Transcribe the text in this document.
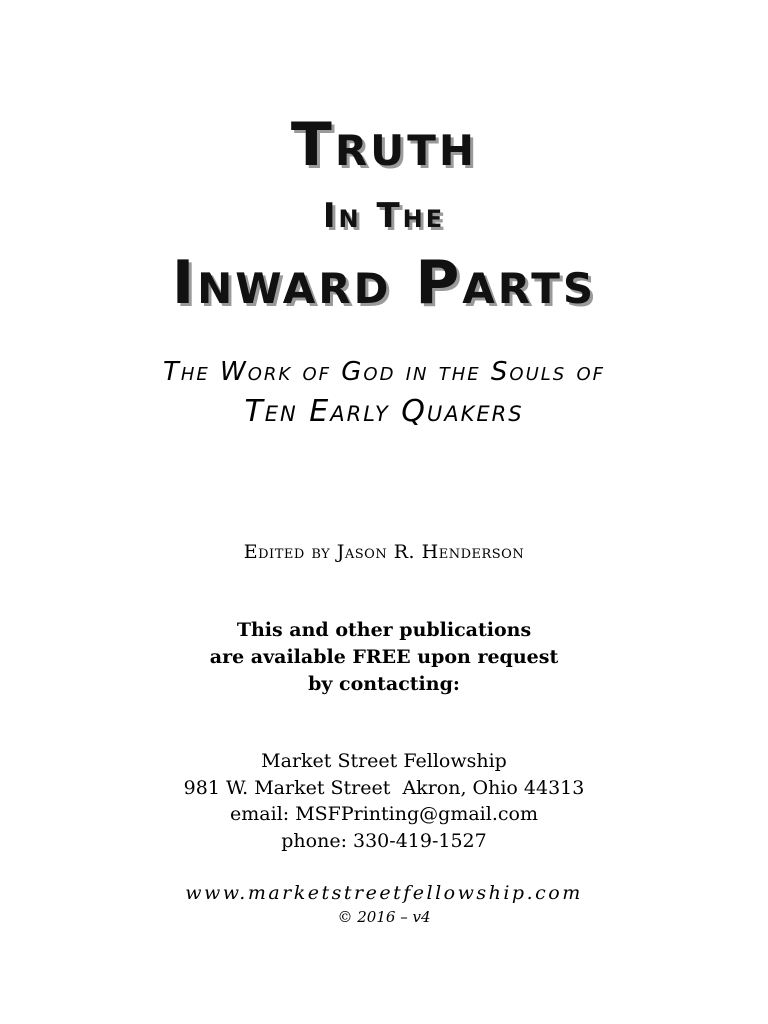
Truth
In The
Inward Parts
The Work of God in the Souls of
Ten Early Quakers
Edited by Jason R. Henderson
This and other publications
are available FREE upon request
by contacting:
Market Street Fellowship
981 W. Market Street  Akron, Ohio 44313
email: MSFPrinting@gmail.com
phone: 330-419-1527
www.marketstreetfellowship.com
© 2016 – v4
